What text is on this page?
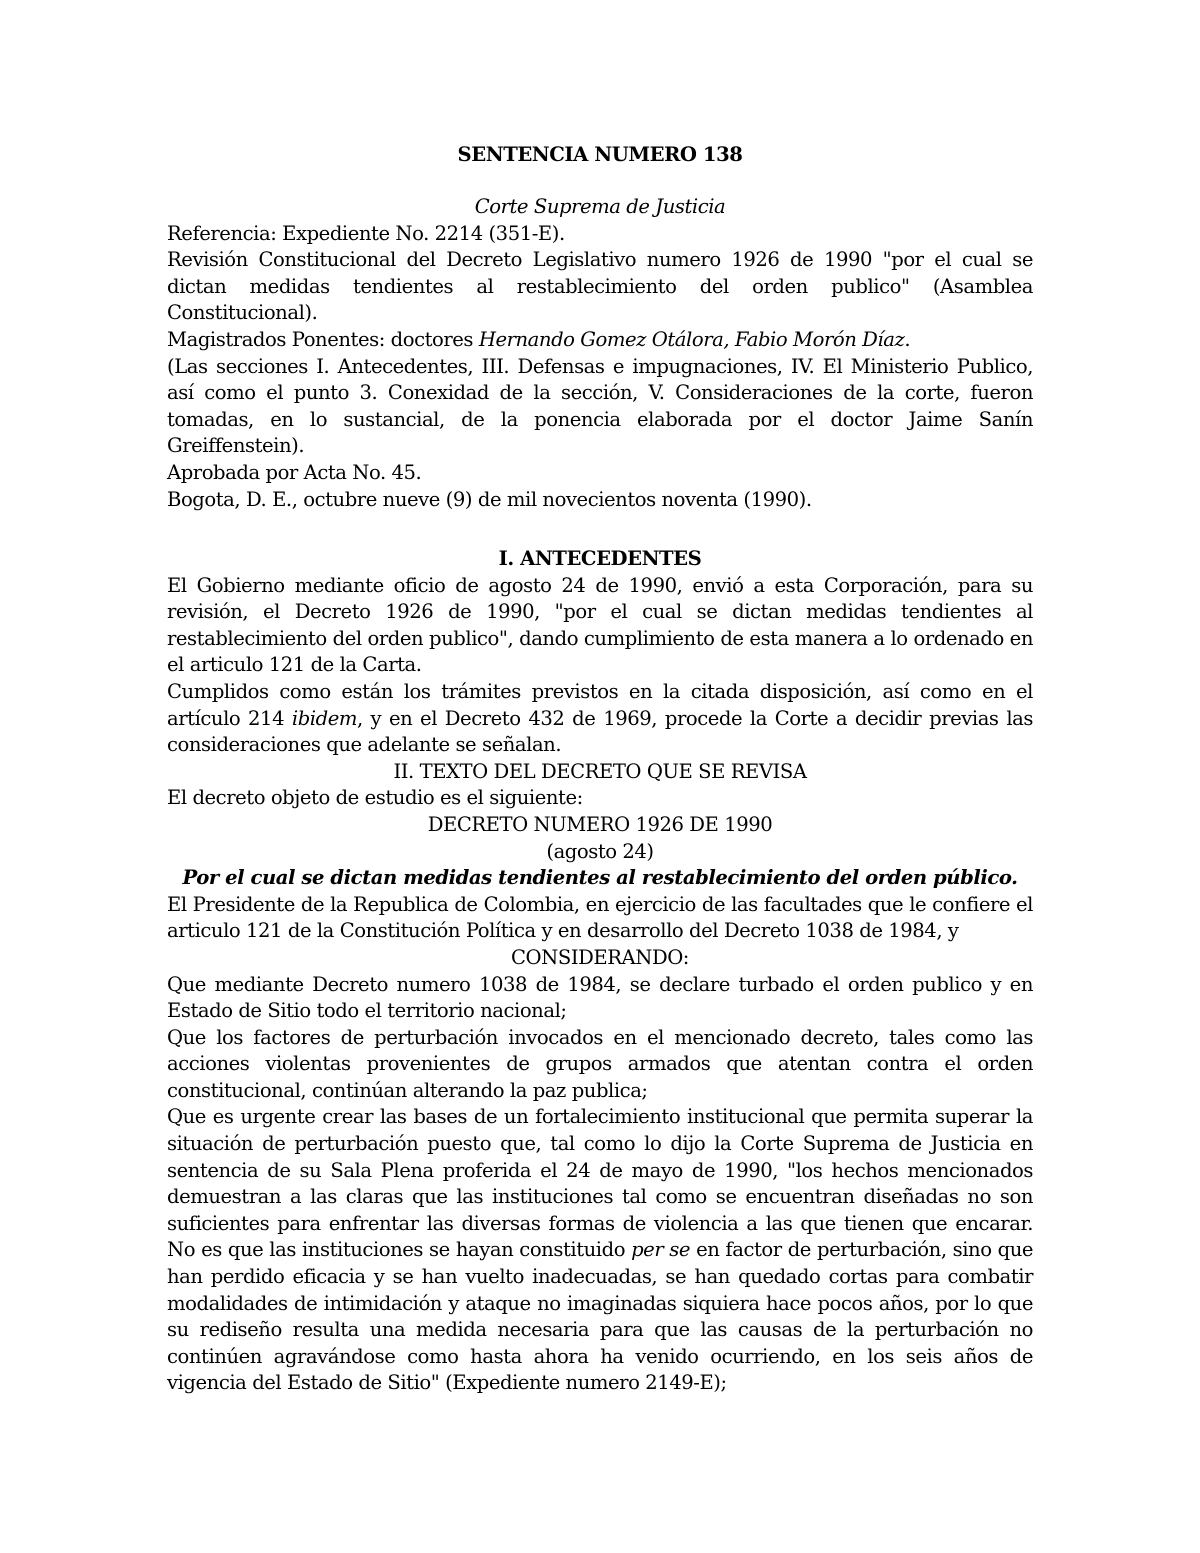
SENTENCIA NUMERO 138
Corte Suprema de Justicia
Referencia: Expediente No. 2214 (351-E).
Revisión Constitucional del Decreto Legislativo numero 1926 de 1990 "por el cual se dictan medidas tendientes al restablecimiento del orden publico" (Asamblea Constitucional).
Magistrados Ponentes: doctores Hernando Gomez Otálora, Fabio Morón Díaz.
(Las secciones I. Antecedentes, III. Defensas e impugnaciones, IV. El Ministerio Publico, así como el punto 3. Conexidad de la sección, V. Consideraciones de la corte, fueron tomadas, en lo sustancial, de la ponencia elaborada por el doctor Jaime Sanín Greiffenstein).
Aprobada por Acta No. 45.
Bogota, D. E., octubre nueve (9) de mil novecientos noventa (1990).
I. ANTECEDENTES
El Gobierno mediante oficio de agosto 24 de 1990, envió a esta Corporación, para su revisión, el Decreto 1926 de 1990, "por el cual se dictan medidas tendientes al restablecimiento del orden publico", dando cumplimiento de esta manera a lo ordenado en el articulo 121 de la Carta.
Cumplidos como están los trámites previstos en la citada disposición, así como en el artículo 214 ibidem, y en el Decreto 432 de 1969, procede la Corte a decidir previas las consideraciones que adelante se señalan.
II. TEXTO DEL DECRETO QUE SE REVISA
El decreto objeto de estudio es el siguiente:
DECRETO NUMERO 1926 DE 1990
(agosto 24)
Por el cual se dictan medidas tendientes al restablecimiento del orden público.
El Presidente de la Republica de Colombia, en ejercicio de las facultades que le confiere el articulo 121 de la Constitución Política y en desarrollo del Decreto 1038 de 1984, y
CONSIDERANDO:
Que mediante Decreto numero 1038 de 1984, se declare turbado el orden publico y en Estado de Sitio todo el territorio nacional;
Que los factores de perturbación invocados en el mencionado decreto, tales como las acciones violentas provenientes de grupos armados que atentan contra el orden constitucional, continúan alterando la paz publica;
Que es urgente crear las bases de un fortalecimiento institucional que permita superar la situación de perturbación puesto que, tal como lo dijo la Corte Suprema de Justicia en sentencia de su Sala Plena proferida el 24 de mayo de 1990, "los hechos mencionados demuestran a las claras que las instituciones tal como se encuentran diseñadas no son suficientes para enfrentar las diversas formas de violencia a las que tienen que encarar. No es que las instituciones se hayan constituido per se en factor de perturbación, sino que han perdido eficacia y se han vuelto inadecuadas, se han quedado cortas para combatir modalidades de intimidación y ataque no imaginadas siquiera hace pocos años, por lo que su rediseño resulta una medida necesaria para que las causas de la perturbación no continúen agravándose como hasta ahora ha venido ocurriendo, en los seis años de vigencia del Estado de Sitio" (Expediente numero 2149-E);
